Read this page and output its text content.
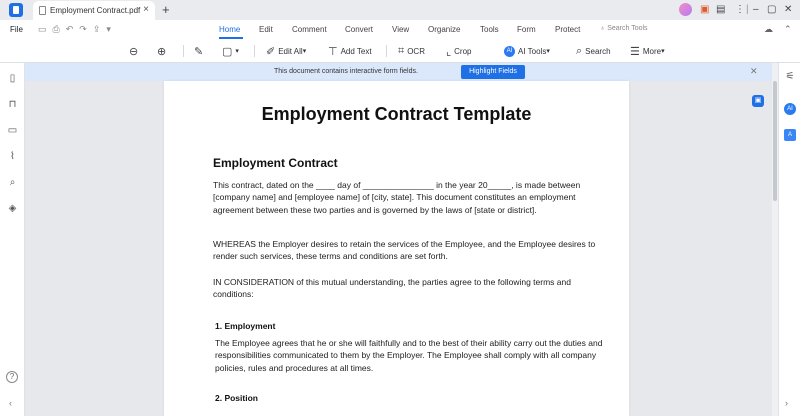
Employment Contract.pdf × +	▣ ▤ ⋮ | – ▢ ✕
File ▭⎙↶↷⇪▾	Home Edit Comment Convert View Organize Tools Form Protect	♁ Search Tools	☁ ⌃
⊖ ⊕	✎ ▢ ▾ ✐ Edit All ▾ ⊤ Add Text ⌗ OCR ⌞ Crop	AI AI Tools ▾ ⌕ Search ☰ More ▾
▯
⊓
▭
⌇
⌕
◈
?
‹
This document contains interactive form fields.	Highlight Fields	✕	⚟
AI
A
›
▣
Employment Contract Template
Employment Contract
This contract, dated on the ____ day of _______________ in the year 20_____, is made between [company name] and [employee name] of [city, state]. This document constitutes an employment agreement between these two parties and is governed by the laws of [state or district].
WHEREAS the Employer desires to retain the services of the Employee, and the Employee desires to render such services, these terms and conditions are set forth.
IN CONSIDERATION of this mutual understanding, the parties agree to the following terms and conditions:
1. Employment
The Employee agrees that he or she will faithfully and to the best of their ability carry out the duties and responsibilities communicated to them by the Employer. The Employee shall comply with all company policies, rules and procedures at all times.
2. Position
